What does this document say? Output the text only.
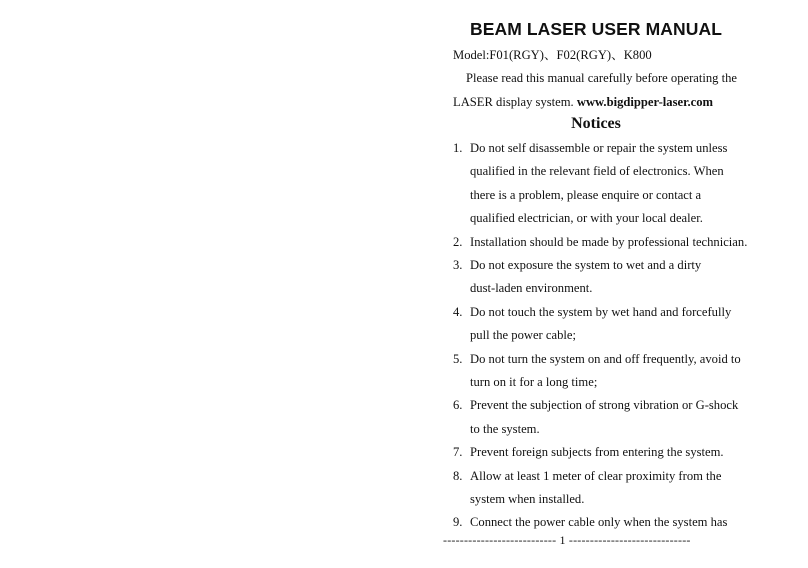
BEAM LASER USER MANUAL
Model:F01(RGY)、F02(RGY)、K800
Please read this manual carefully before operating the
LASER display system. www.bigdipper-laser.com
Notices
1. Do not self disassemble or repair the system unless
qualified in the relevant field of electronics. When
there is a problem, please enquire or contact a
qualified electrician, or with your local dealer.
2. Installation should be made by professional technician.
3. Do not exposure the system to wet and a dirty
dust-laden environment.
4. Do not touch the system by wet hand and forcefully
pull the power cable;
5. Do not turn the system on and off frequently, avoid to
turn on it for a long time;
6. Prevent the subjection of strong vibration or G-shock
to the system.
7. Prevent foreign subjects from entering the system.
8. Allow at least 1 meter of clear proximity from the
system when installed.
9. Connect the power cable only when the system has
--------------------------- 1 -----------------------------
